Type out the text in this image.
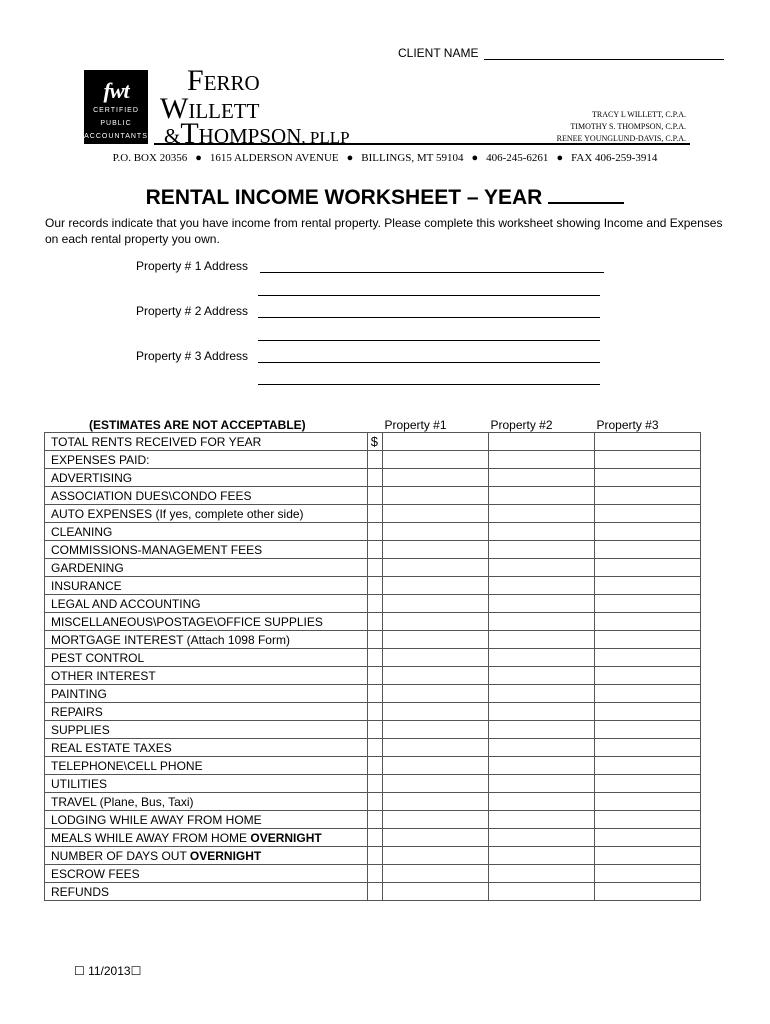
CLIENT NAME
fwt
CERTIFIED
PUBLIC
ACCOUNTANTS
FERRO
WILLETT
&THOMPSON, PLLP
TRACY L WILLETT, C.P.A.
TIMOTHY S. THOMPSON, C.P.A.
RENEE YOUNGLUND-DAVIS, C.P.A.
P.O. BOX 20356 ● 1615 ALDERSON AVENUE ● BILLINGS, MT 59104 ● 406-245-6261 ● FAX 406-259-3914
RENTAL INCOME WORKSHEET – YEAR
Our records indicate that you have income from rental property. Please complete this worksheet showing Income and Expenses on each rental property you own.
Property # 1 Address
Property # 2 Address
Property # 3 Address
(ESTIMATES ARE NOT ACCEPTABLE)	Property #1	Property #2	Property #3
TOTAL RENTS RECEIVED FOR YEAR	$			
EXPENSES PAID:				
ADVERTISING				
ASSOCIATION DUES\CONDO FEES				
AUTO EXPENSES (If yes, complete other side)				
CLEANING				
COMMISSIONS-MANAGEMENT FEES				
GARDENING				
INSURANCE				
LEGAL AND ACCOUNTING				
MISCELLANEOUS\POSTAGE\OFFICE SUPPLIES				
MORTGAGE INTEREST (Attach 1098 Form)				
PEST CONTROL				
OTHER INTEREST				
PAINTING				
REPAIRS				
SUPPLIES				
REAL ESTATE TAXES				
TELEPHONE\CELL PHONE				
UTILITIES				
TRAVEL (Plane, Bus, Taxi)				
LODGING WHILE AWAY FROM HOME				
MEALS WHILE AWAY FROM HOME OVERNIGHT				
NUMBER OF DAYS OUT OVERNIGHT				
ESCROW FEES				
REFUNDS				
☐ 11/2013☐
